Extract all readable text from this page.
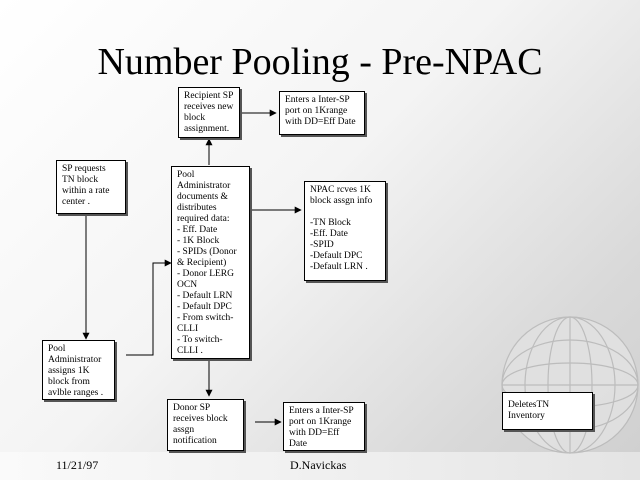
Number Pooling - Pre-NPAC
Recipient SP
receives new
block
assignment.
Enters a Inter-SP
port on 1Krange
with DD=Eff Date
SP requests
TN block
within a rate
center .
Pool
Administrator
documents &
distributes
required data:
- Eff. Date
- 1K Block
- SPIDs (Donor
& Recipient)
- Donor LERG
OCN
- Default LRN
- Default DPC
- From switch-
CLLI
- To switch-
CLLI .
NPAC rcves 1K
block assgn info

-TN Block
-Eff. Date
-SPID
-Default DPC
-Default LRN .
Pool
Administrator
assigns 1K
block from
avlble ranges .
Donor SP
receives block
assgn
notification
Enters a Inter-SP
port on 1Krange
with DD=Eff Date
DeletesTN Inventory
11/21/97	D.Navickas
